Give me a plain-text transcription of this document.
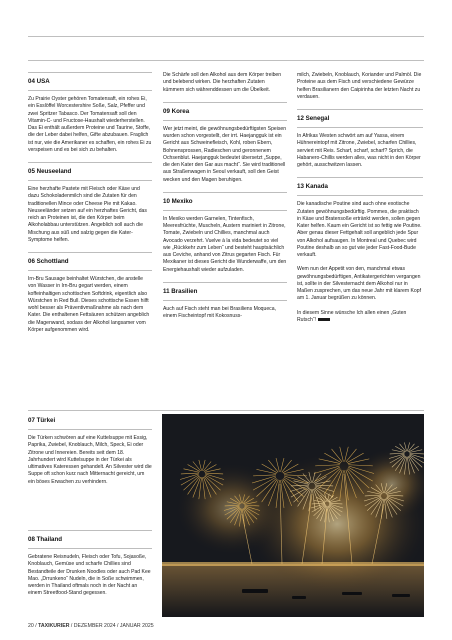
04 USA

Zu Prairie Oyster gehören Tomatensaft, ein rohes Ei, ein Esslöffel Worcestershire Soße, Salz, Pfeffer und zwei Spritzer Tabasco. Der Tomatensaft soll den Vitamin-C- und Fructose-Haushalt wiederherstellen. Das Ei enthält außerdem Proteine und Taurine, Stoffe, die der Leber dabei helfen, Gifte abzubauen. Fraglich ist nur, wie die Amerikaner es schaffen, ein rohes Ei zu verspeisen und es bei sich zu behalten.

05 Neuseeland

Eine herzhafte Pastete mit Fleisch oder Käse und dazu Schokoladenmilch sind die Zutaten für den traditionellen Mince oder Cheese Pie mit Kakao. Neuseeländer setzen auf ein herzhaftes Gericht, das reich an Proteinen ist, die den Körper beim Alkoholabbau unterstützen. Angeblich soll auch die Mischung aus süß und salzig gegen die Kater-Symptome helfen.

06 Schottland

Irn-Bru Sausage beinhaltet Würstchen, die anstelle von Wasser in Irn-Bru gegart werden, einem koffeinhaltigen schottischen Softdrink, eigentlich also Würstchen in Red Bull. Dieses schottische Essen hilft wohl besser als Präventivmaßnahme als nach dem Kater. Die enthaltenen Fettsäuren schützen angeblich die Magenwand, sodass der Alkohol langsamer vom Körper aufgenommen wird.

Die Schärfe soll den Alkohol aus dem Körper treiben und belebend wirken. Die herzhaften Zutaten kümmern sich währenddessen um die Übelkeit.

09 Korea

Wer jetzt meint, die gewöhnungsbedürftigsten Speisen wurden schon vorgestellt, der irrt. Haejangguk ist ein Gericht aus Schweinefleisch, Kohl, roben Ebern, Bohnensprossen, Radieschen und geronnenem Ochsenblut. Haejangguk bedeutet übersetzt „Suppe, die den Kater den Gar aus macht“. Sie wird traditionell aus Straßenwagen in Seoul verkauft, soll den Geist wecken und den Magen beruhigen.

10 Mexiko

In Mexiko werden Garnelen, Tintenfisch, Meeresfrüchte, Muscheln, Austern mariniert in Zitrone, Tomate, Zwiebeln und Chillies, manchmal auch Avocado verzehrt. Vuelve à la vida bedeutet so viel wie „Rückkehr zum Leben“ und besteht hauptsächlich aus Ceviche, anhand von Zitrus gegarten Fisch. Für Mexikaner ist dieses Gericht die Wunderwaffe, um den Energiehaushalt wieder aufzuladen.

11 Brasilien

Auch auf Fisch steht man bei Brasiliens Moqueca, einem Fischeintopf mit Kokosnuss-

milch, Zwiebeln, Knoblauch, Koriander und Palmöl. Die Proteine aus dem Fisch und verschiedene Gewürze helfen Brasilianern den Caipirinha der letzten Nacht zu verdauen.

12 Senegal

In Afrikas Westen schwört am auf Yassa, einem Hühnereintopf mit Zitrone, Zwiebel, scharfen Chillies, serviert mit Reis. Scharf, scharf, scharf? Sprich, die Habanero-Chillis werden alles, was nicht in den Körper gehört, ausschwitzen lassen.

13 Kanada

Die kanadische Poutine sind auch ohne exotische Zutaten gewöhnungsbedürftig. Pommes, die praktisch in Käse und Bratensoße ertränkt werden, sollen gegen Kater helfen. Kaum ein Gericht ist so fettig wie Poutine. Aber genau dieser Fettgehalt soll angeblich jede Spur von Alkohol aufsaugen. In Montreal und Quebec wird Poutine deshalb an so gut wie jeder Fast-Food-Bude verkauft.

Wem nun der Appetit von den, manchmal etwas gewöhnungsbedürftigen, Antikatergerichten vergangen ist, sollte in der Silvesternacht dem Alkohol nur in Maßen zusprechen, um das neue Jahr mit klarem Kopf am 1. Januar begrüßen zu können.

In diesem Sinne wünsche Ich allen einen „Guten Rutsch“!

07 Türkei

Die Türken schwören auf eine Kuttelsuppe mit Essig, Paprika, Zwiebel, Knoblauch, Milch, Speck, Ei oder Zitrone und Innereien. Bereits seit dem 18. Jahrhundert wird Kuttelsuppe in der Türkei als ultimatives Kateressen gehandelt. An Silvester wird die Suppe oft schon kurz nach Mitternacht gereicht, um ein böses Erwachen zu verhindern.

08 Thailand

Gebratene Reisnudeln, Fleisch oder Tofu, Sojasoße, Knoblauch, Gemüse und scharfe Chillies sind Bestandteile der Drunken Noodles oder auch Pad Kee Mao. „Drrunkeno“ Nudeln, die in Soße schwimmen, werden in Thailand oftmals noch in der Nacht an einem Streetfood-Stand gegessen.

20 / TAXIKURIER / DEZEMBER 2024 / JANUAR 2025
